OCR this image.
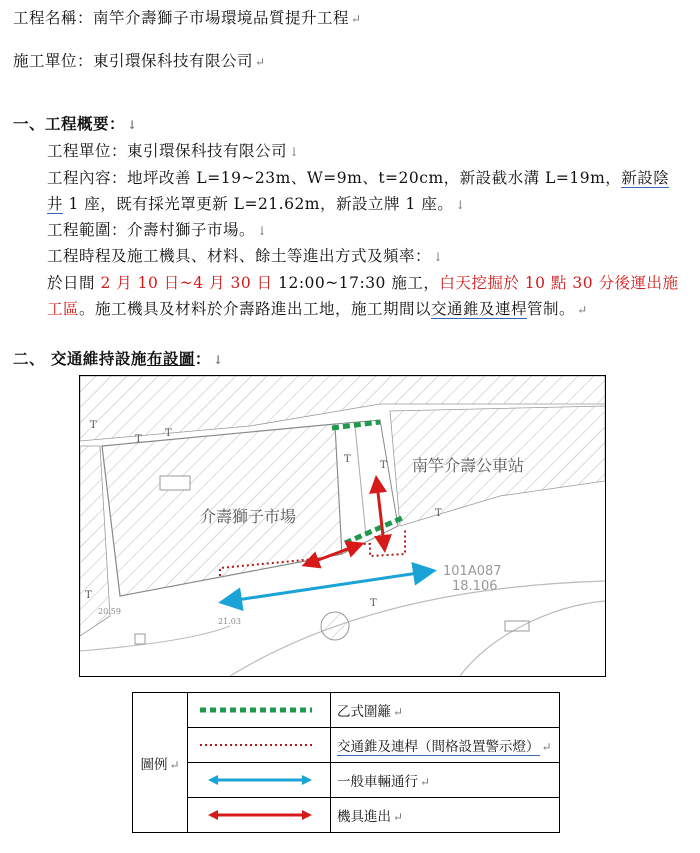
工程名稱：南竿介壽獅子市場環境品質提升工程 ↵
施工單位：東引環保科技有限公司 ↵
一、工程概要： ↓
工程單位：東引環保科技有限公司 ↓
工程內容：地坪改善 L=19~23m、W=9m、t=20cm，新設截水溝 L=19m，新設陰
井 1 座，既有採光罩更新 L=21.62m，新設立牌 1 座。 ↓
工程範圍：介壽村獅子市場。 ↓
工程時程及施工機具、材料、餘土等進出方式及頻率： ↓
於日間 2 月 10 日~4 月 30 日 12:00~17:30 施工，白天挖掘於 10 點 30 分後運出施
工區。施工機具及材料於介壽路進出工地，施工期間以交通錐及連桿管制。 ↵
二、 交通維持設施布設圖： ↓
T
T
T
T
T
T
T
T
介壽獅子市場
南竿介壽公車站
101A087
18.106
20.59
21.03
圖例 ↵		乙式圍籬 ↵

	交通錐及連桿（間格設置警示燈） ↵

	一般車輛通行 ↵

	機具進出 ↵
